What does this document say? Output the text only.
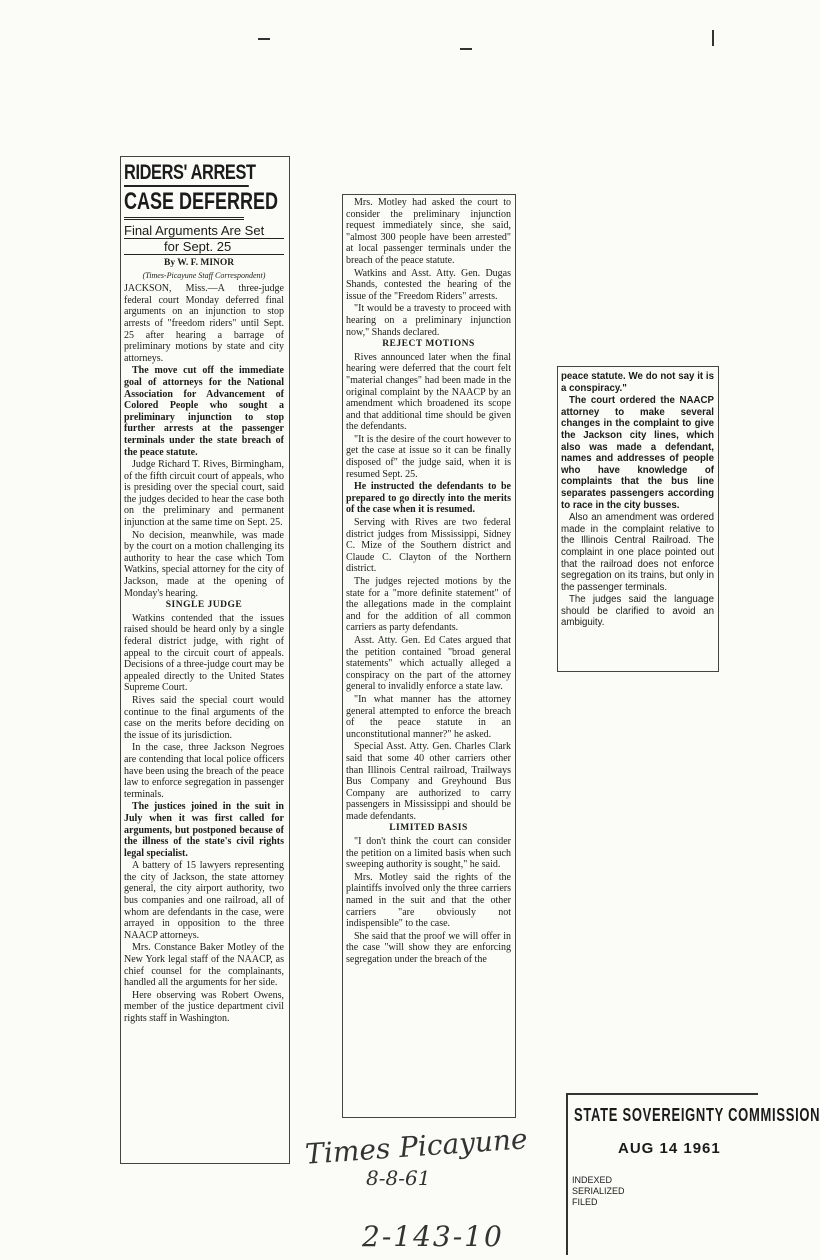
RIDERS' ARREST
CASE DEFERRED
Final Arguments Are Set
for Sept. 25
By W. F. MINOR
(Times-Picayune Staff Correspondent)

JACKSON, Miss.—A three-judge federal court Monday deferred final arguments on an injunction to stop arrests of "freedom riders" until Sept. 25 after hearing a barrage of preliminary motions by state and city attorneys.

The move cut off the immediate goal of attorneys for the National Association for Advancement of Colored People who sought a preliminary injunction to stop further arrests at the passenger terminals under the state breach of the peace statute.

Judge Richard T. Rives, Birmingham, of the fifth circuit court of appeals, who is presiding over the special court, said the judges decided to hear the case both on the preliminary and permanent injunction at the same time on Sept. 25.

No decision, meanwhile, was made by the court on a motion challenging its authority to hear the case which Tom Watkins, special attorney for the city of Jackson, made at the opening of Monday's hearing.

SINGLE JUDGE

Watkins contended that the issues raised should be heard only by a single federal district judge, with right of appeal to the circuit court of appeals. Decisions of a three-judge court may be appealed directly to the United States Supreme Court.

Rives said the special court would continue to the final arguments of the case on the merits before deciding on the issue of its jurisdiction.

In the case, three Jackson Negroes are contending that local police officers have been using the breach of the peace law to enforce segregation in passenger terminals.

The justices joined in the suit in July when it was first called for arguments, but postponed because of the illness of the state's civil rights legal specialist.

A battery of 15 lawyers representing the city of Jackson, the state attorney general, the city airport authority, two bus companies and one railroad, all of whom are defendants in the case, were arrayed in opposition to the three NAACP attorneys.

Mrs. Constance Baker Motley of the New York legal staff of the NAACP, as chief counsel for the complainants, handled all the arguments for her side.

Here observing was Robert Owens, member of the justice department civil rights staff in Washington.

Mrs. Motley had asked the court to consider the preliminary injunction request immediately since, she said, "almost 300 people have been arrested" at local passenger terminals under the breach of the peace statute.

Watkins and Asst. Atty. Gen. Dugas Shands, contested the hearing of the issue of the "Freedom Riders" arrests.

"It would be a travesty to proceed with hearing on a preliminary injunction now," Shands declared.

REJECT MOTIONS

Rives announced later when the final hearing were deferred that the court felt "material changes" had been made in the original complaint by the NAACP by an amendment which broadened its scope and that additional time should be given the defendants.

"It is the desire of the court however to get the case at issue so it can be finally disposed of" the judge said, when it is resumed Sept. 25.

He instructed the defendants to be prepared to go directly into the merits of the case when it is resumed.

Serving with Rives are two federal district judges from Mississippi, Sidney C. Mize of the Southern district and Claude C. Clayton of the Northern district.

The judges rejected motions by the state for a "more definite statement" of the allegations made in the complaint and for the addition of all common carriers as party defendants.

Asst. Atty. Gen. Ed Cates argued that the petition contained "broad general statements" which actually alleged a conspiracy on the part of the attorney general to invalidly enforce a state law.

"In what manner has the attorney general attempted to enforce the breach of the peace statute in an unconstitutional manner?" he asked.

Special Asst. Atty. Gen. Charles Clark said that some 40 other carriers other than Illinois Central railroad, Trailways Bus Company and Greyhound Bus Company are authorized to carry passengers in Mississippi and should be made defendants.

LIMITED BASIS

"I don't think the court can consider the petition on a limited basis when such sweeping authority is sought," he said.

Mrs. Motley said the rights of the plaintiffs involved only the three carriers named in the suit and that the other carriers "are obviously not indispensible" to the case.

She said that the proof we will offer in the case "will show they are enforcing segregation under the breach of the

peace statute. We do not say it is a conspiracy."

The court ordered the NAACP attorney to make several changes in the complaint to give the Jackson city lines, which also was made a defendant, names and addresses of people who have knowledge of complaints that the bus line separates passengers according to race in the city busses.

Also an amendment was ordered made in the complaint relative to the Illinois Central Railroad. The complaint in one place pointed out that the railroad does not enforce segregation on its trains, but only in the passenger terminals.

The judges said the language should be clarified to avoid an ambiguity.

Times Picayune
8-8-61
2-143-10
STATE SOVEREIGNTY COMMISSION
AUG 14 1961
INDEXED
SERIALIZED
FILED
